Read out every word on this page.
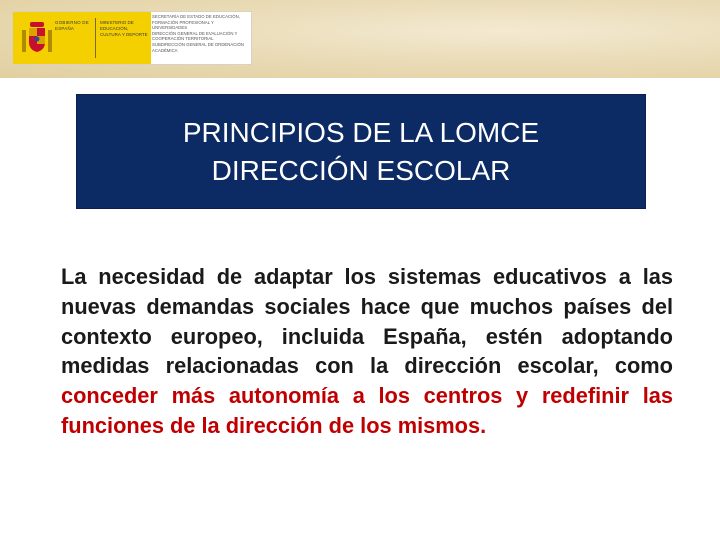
GOBIERNO DE ESPAÑA
MINISTERIO DE EDUCACIÓN, CULTURA Y DEPORTE
SECRETARÍA DE ESTADO DE EDUCACIÓN, FORMACIÓN PROFESIONAL Y UNIVERSIDADES
DIRECCIÓN GENERAL DE EVALUACIÓN Y COOPERACIÓN TERRITORIAL
SUBDIRECCIÓN GENERAL DE ORDENACIÓN ACADÉMICA
PRINCIPIOS DE LA LOMCE
DIRECCIÓN ESCOLAR

La necesidad de adaptar los sistemas educativos a las nuevas demandas sociales hace que muchos países del contexto europeo, incluida España, estén adoptando medidas relacionadas con la dirección escolar, como conceder más autonomía a los centros y redefinir las funciones de la dirección de los mismos.
